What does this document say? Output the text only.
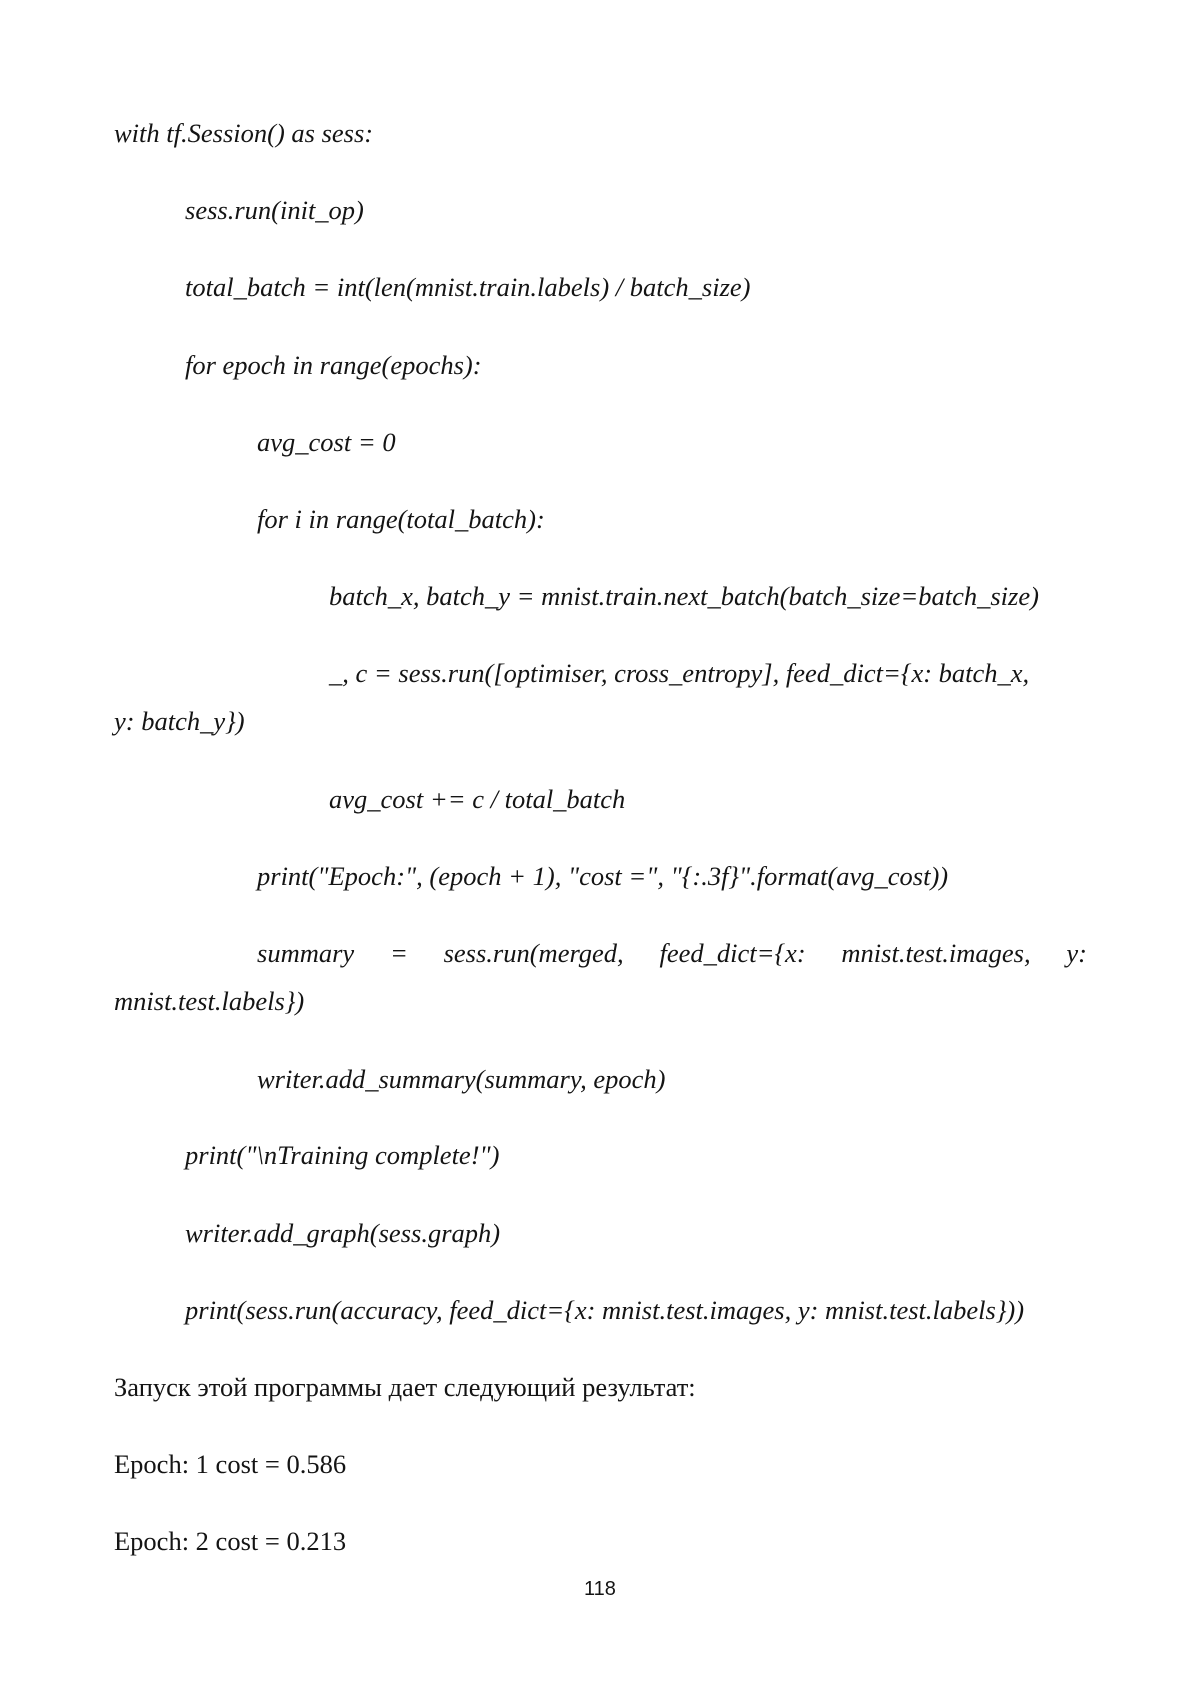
with tf.Session() as sess:
sess.run(init_op)
total_batch = int(len(mnist.train.labels) / batch_size)
for epoch in range(epochs):
avg_cost = 0
for i in range(total_batch):
batch_x, batch_y = mnist.train.next_batch(batch_size=batch_size)
_, c = sess.run([optimiser, cross_entropy], feed_dict={x: batch_x,
y: batch_y})
avg_cost += c / total_batch
print("Epoch:", (epoch + 1), "cost =", "{:.3f}".format(avg_cost))
summary = sess.run(merged, feed_dict={x: mnist.test.images, y:
mnist.test.labels})
writer.add_summary(summary, epoch)
print("\nTraining complete!")
writer.add_graph(sess.graph)
print(sess.run(accuracy, feed_dict={x: mnist.test.images, y: mnist.test.labels}))
Запуск этой программы дает следующий результат:
Epoch: 1 cost = 0.586
Epoch: 2 cost = 0.213
118
